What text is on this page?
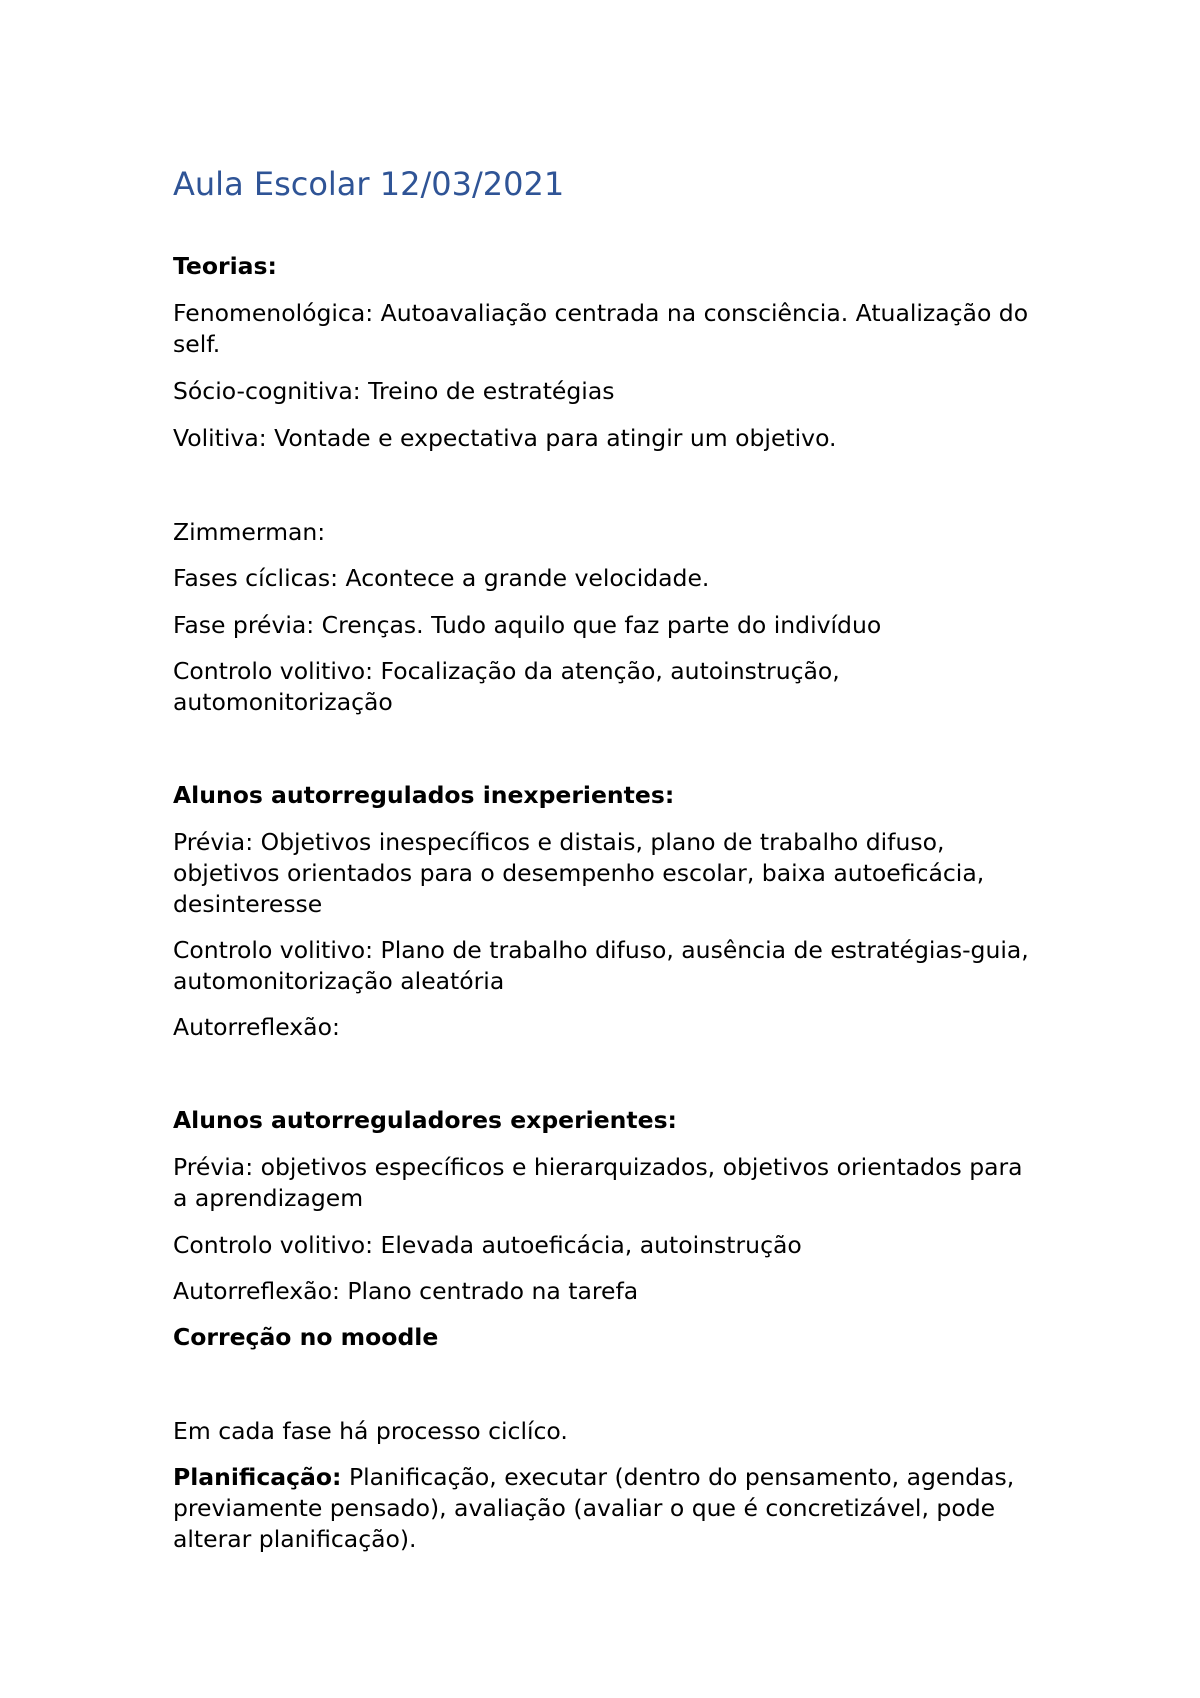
Aula Escolar 12/03/2021

Teorias:

Fenomenológica: Autoavaliação centrada na consciência. Atualização do self.

Sócio-cognitiva: Treino de estratégias

Volitiva: Vontade e expectativa para atingir um objetivo.

Zimmerman:

Fases cíclicas: Acontece a grande velocidade.

Fase prévia: Crenças. Tudo aquilo que faz parte do indivíduo

Controlo volitivo: Focalização da atenção, autoinstrução, automonitorização

Alunos autorregulados inexperientes:

Prévia: Objetivos inespecíficos e distais, plano de trabalho difuso, objetivos orientados para o desempenho escolar, baixa autoeficácia, desinteresse

Controlo volitivo: Plano de trabalho difuso, ausência de estratégias-guia, automonitorização aleatória

Autorreflexão:

Alunos autorreguladores experientes:

Prévia: objetivos específicos e hierarquizados, objetivos orientados para a aprendizagem

Controlo volitivo: Elevada autoeficácia, autoinstrução

Autorreflexão: Plano centrado na tarefa

Correção no moodle

Em cada fase há processo ciclíco.

Planificação: Planificação, executar (dentro do pensamento, agendas, previamente pensado), avaliação (avaliar o que é concretizável, pode alterar planificação).
